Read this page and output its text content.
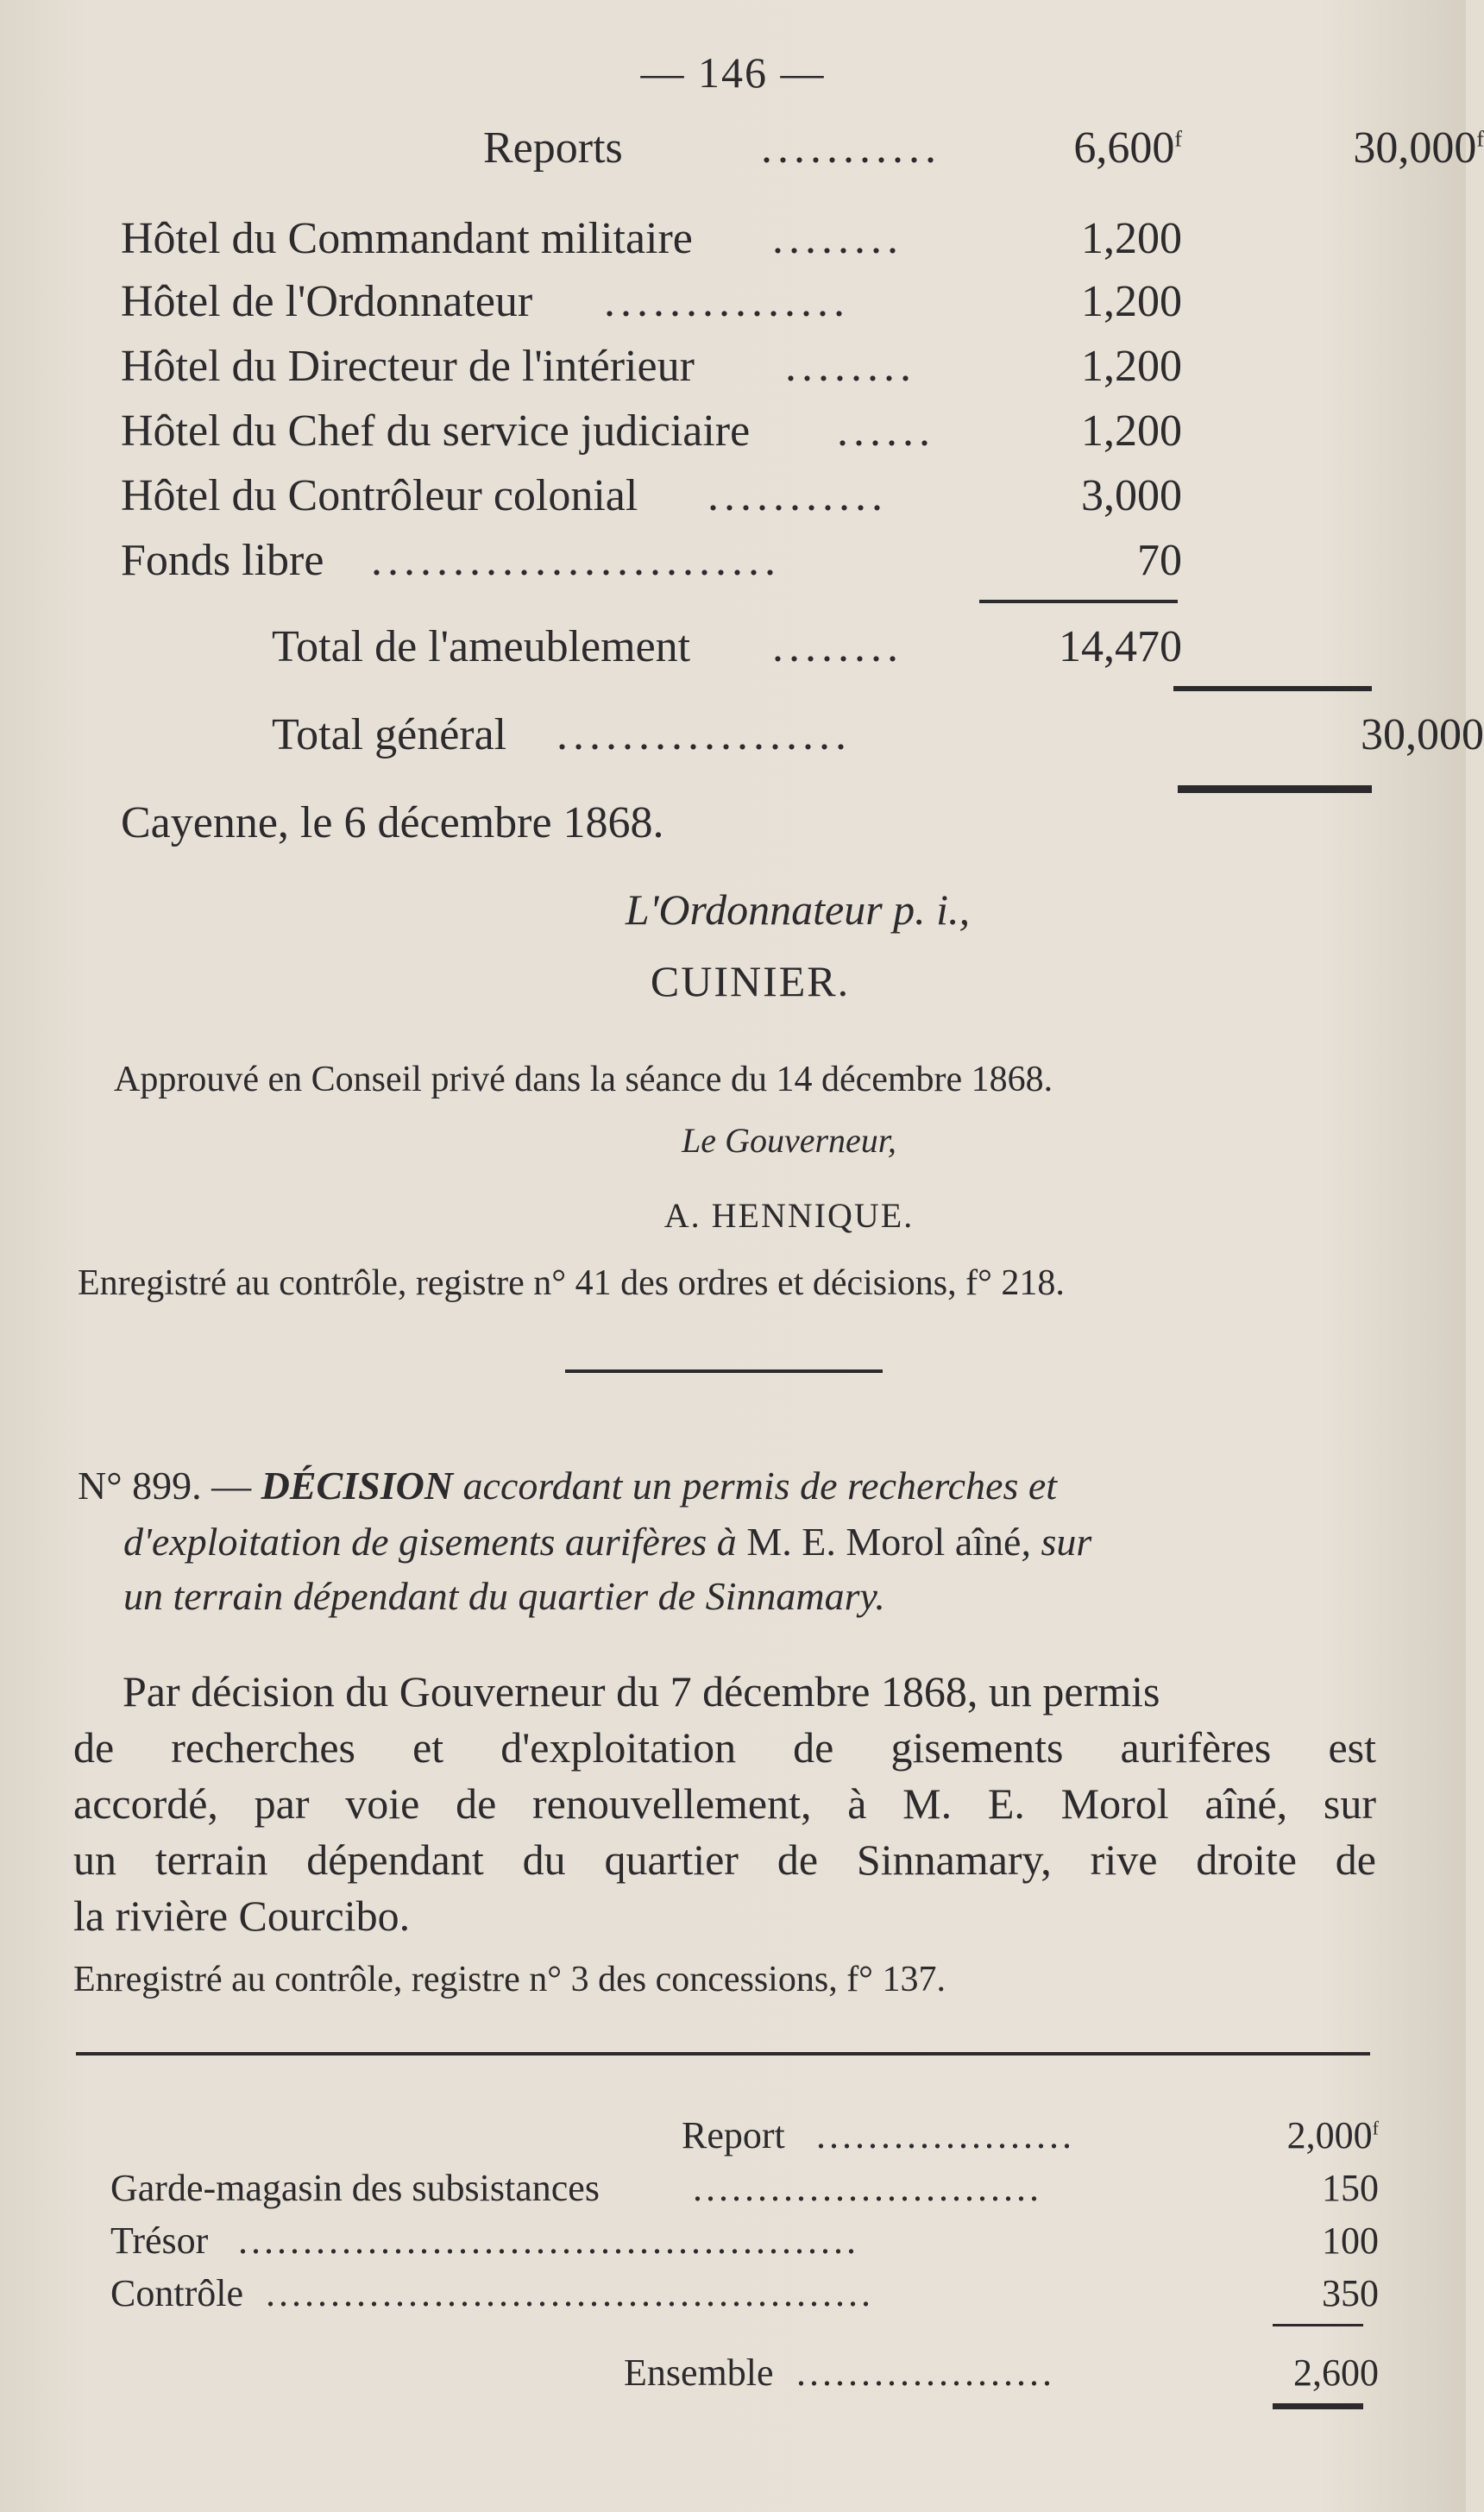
— 146 —
Reports	...........	6,600$^f$	30,000$^f$
Hôtel du Commandant militaire ........	1,200
Hôtel de l'Ordonnateur ...............	1,200
Hôtel du Directeur de l'intérieur ........	1,200
Hôtel du Chef du service judiciaire ......	1,200
Hôtel du Contrôleur colonial ...........	3,000
Fonds libre .........................	70
Total de l'ameublement ........	14,470
Total général ..................	30,000
Cayenne, le 6 décembre 1868.
L'Ordonnateur p. i.,
CUINIER.
Approuvé en Conseil privé dans la séance du 14 décembre 1868.
Le Gouverneur,
A. HENNIQUE.
Enregistré au contrôle, registre n° 41 des ordres et décisions, f° 218.
N° 899. — DÉCISION accordant un permis de recherches et
d'exploitation de gisements aurifères à M. E. Morol aîné, sur
un terrain dépendant du quartier de Sinnamary.
Par décision du Gouverneur du 7 décembre 1868, un permis
de recherches et d'exploitation de gisements aurifères est
accordé, par voie de renouvellement, à M. E. Morol aîné, sur
un terrain dépendant du quartier de Sinnamary, rive droite de
la rivière Courcibo.
Enregistré au contrôle, registre n° 3 des concessions, f° 137.
Report ....................	2,000$^f$
Garde-magasin des subsistances ...........................	150
Trésor ................................................	100
Contrôle ...............................................	350
Ensemble ....................	2,600
